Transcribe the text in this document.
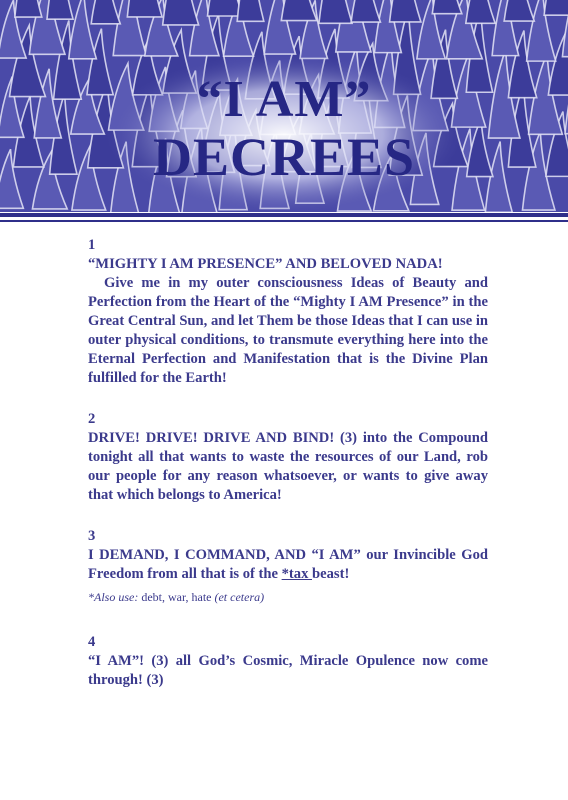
“I AM”
DECREES

1

“MIGHTY I AM PRESENCE” AND BELOVED NADA!

Give me in my outer consciousness Ideas of Beauty and Perfection from the Heart of the “Mighty I AM Presence” in the Great Central Sun, and let Them be those Ideas that I can use in outer physical conditions, to transmute everything here into the Eternal Perfection and Manifestation that is the Divine Plan fulfilled for the Earth!

2

DRIVE! DRIVE! DRIVE AND BIND! (3) into the Compound tonight all that wants to waste the resources of our Land, rob our people for any reason whatsoever, or wants to give away that which belongs to America!

3

I DEMAND, I COMMAND, AND “I AM” our Invincible God Freedom from all that is of the *tax beast!

*Also use: debt, war, hate (et cetera)

4

“I AM”! (3) all God’s Cosmic, Miracle Opulence now come through! (3)
